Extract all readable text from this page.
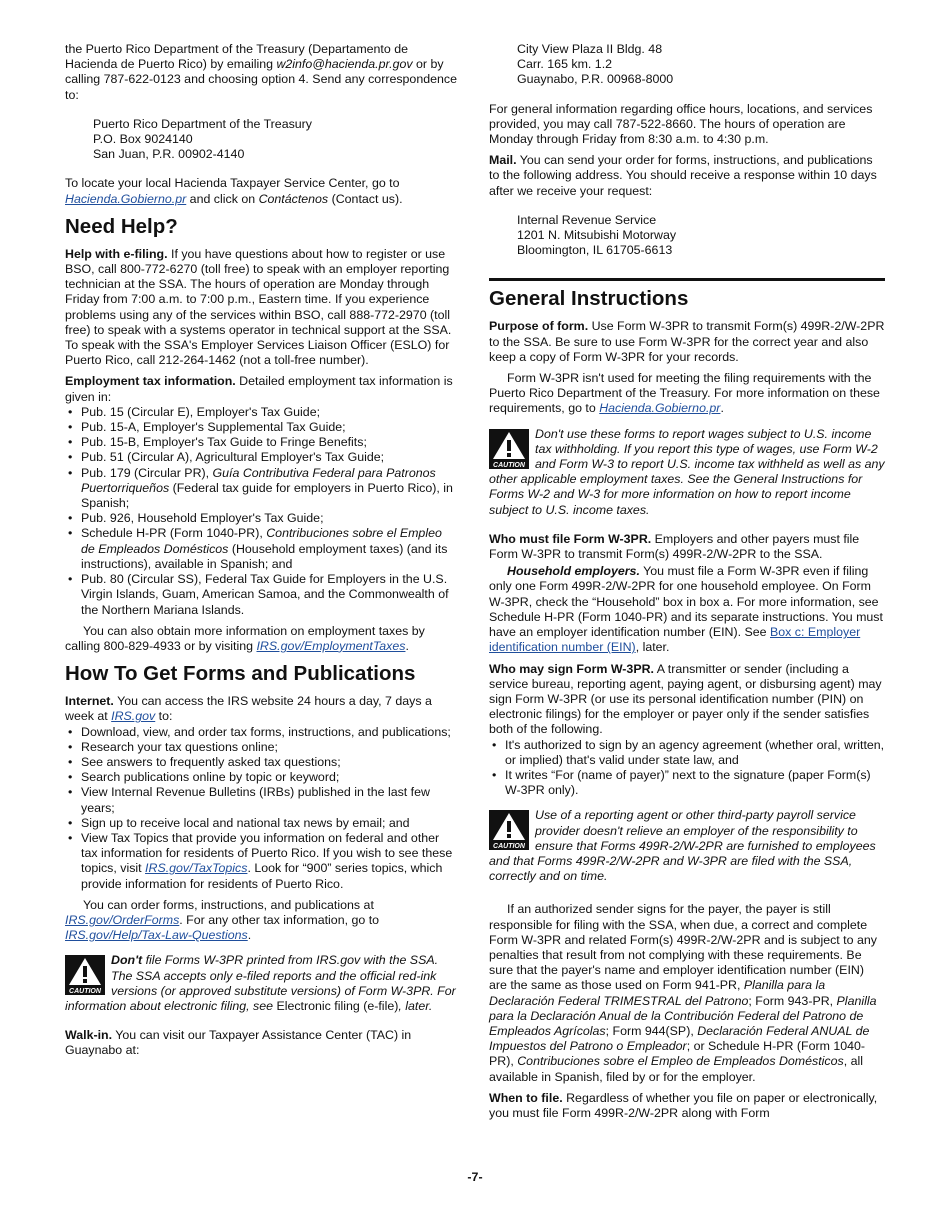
the Puerto Rico Department of the Treasury (Departamento de Hacienda de Puerto Rico) by emailing w2info@hacienda.pr.gov or by calling 787-622-0123 and choosing option 4. Send any correspondence to:

Puerto Rico Department of the Treasury
P.O. Box 9024140
San Juan, P.R. 00902-4140

To locate your local Hacienda Taxpayer Service Center, go to Hacienda.Gobierno.pr and click on Contáctenos (Contact us).

Need Help?

Help with e-filing. If you have questions about how to register or use BSO, call 800-772-6270 (toll free) to speak with an employer reporting technician at the SSA. The hours of operation are Monday through Friday from 7:00 a.m. to 7:00 p.m., Eastern time. If you experience problems using any of the services within BSO, call 888-772-2970 (toll free) to speak with a systems operator in technical support at the SSA. To speak with the SSA's Employer Services Liaison Officer (ESLO) for Puerto Rico, call 212-264-1462 (not a toll-free number).

Employment tax information. Detailed employment tax information is given in:

• Pub. 15 (Circular E), Employer's Tax Guide;

• Pub. 15-A, Employer's Supplemental Tax Guide;

• Pub. 15-B, Employer's Tax Guide to Fringe Benefits;

• Pub. 51 (Circular A), Agricultural Employer's Tax Guide;

• Pub. 179 (Circular PR), Guía Contributiva Federal para Patronos Puertorriqueños (Federal tax guide for employers in Puerto Rico), in Spanish;

• Pub. 926, Household Employer's Tax Guide;

• Schedule H-PR (Form 1040-PR), Contribuciones sobre el Empleo de Empleados Domésticos (Household employment taxes) (and its instructions), available in Spanish; and

• Pub. 80 (Circular SS), Federal Tax Guide for Employers in the U.S. Virgin Islands, Guam, American Samoa, and the Commonwealth of the Northern Mariana Islands.

You can also obtain more information on employment taxes by calling 800-829-4933 or by visiting IRS.gov/EmploymentTaxes.

How To Get Forms and Publications

Internet. You can access the IRS website 24 hours a day, 7 days a week at IRS.gov to:

• Download, view, and order tax forms, instructions, and publications;

• Research your tax questions online;

• See answers to frequently asked tax questions;

• Search publications online by topic or keyword;

• View Internal Revenue Bulletins (IRBs) published in the last few years;

• Sign up to receive local and national tax news by email; and

• View Tax Topics that provide you information on federal and other tax information for residents of Puerto Rico. If you wish to see these topics, visit IRS.gov/TaxTopics. Look for “900” series topics, which provide information for residents of Puerto Rico.

You can order forms, instructions, and publications at IRS.gov/OrderForms. For any other tax information, go to IRS.gov/Help/Tax-Law-Questions.

CAUTION
Don't file Forms W-3PR printed from IRS.gov with the SSA. The SSA accepts only e-filed reports and the official red-ink versions (or approved substitute versions) of Form W-3PR. For information about electronic filing, see Electronic filing (e-file), later.

Walk-in. You can visit our Taxpayer Assistance Center (TAC) in Guaynabo at:

City View Plaza II Bldg. 48
Carr. 165 km. 1.2
Guaynabo, P.R. 00968-8000

For general information regarding office hours, locations, and services provided, you may call 787-522-8660. The hours of operation are Monday through Friday from 8:30 a.m. to 4:30 p.m.

Mail. You can send your order for forms, instructions, and publications to the following address. You should receive a response within 10 days after we receive your request:

Internal Revenue Service
1201 N. Mitsubishi Motorway
Bloomington, IL 61705-6613
General Instructions

Purpose of form. Use Form W-3PR to transmit Form(s) 499R-2/W-2PR to the SSA. Be sure to use Form W-3PR for the correct year and also keep a copy of Form W-3PR for your records.

Form W-3PR isn't used for meeting the filing requirements with the Puerto Rico Department of the Treasury. For more information on these requirements, go to Hacienda.Gobierno.pr.

CAUTION
Don't use these forms to report wages subject to U.S. income tax withholding. If you report this type of wages, use Form W-2 and Form W-3 to report U.S. income tax withheld as well as any other applicable employment taxes. See the General Instructions for Forms W-2 and W-3 for more information on how to report income subject to U.S. income taxes.

Who must file Form W-3PR. Employers and other payers must file Form W-3PR to transmit Form(s) 499R-2/W-2PR to the SSA.

Household employers. You must file a Form W-3PR even if filing only one Form 499R-2/W-2PR for one household employee. On Form W-3PR, check the “Household” box in box a. For more information, see Schedule H-PR (Form 1040-PR) and its separate instructions. You must have an employer identification number (EIN). See Box c: Employer identification number (EIN), later.

Who may sign Form W-3PR. A transmitter or sender (including a service bureau, reporting agent, paying agent, or disbursing agent) may sign Form W-3PR (or use its personal identification number (PIN) on electronic filings) for the employer or payer only if the sender satisfies both of the following.

• It's authorized to sign by an agency agreement (whether oral, written, or implied) that's valid under state law, and

• It writes “For (name of payer)” next to the signature (paper Form(s) W-3PR only).

CAUTION
Use of a reporting agent or other third-party payroll service provider doesn't relieve an employer of the responsibility to ensure that Forms 499R-2/W-2PR are furnished to employees and that Forms 499R-2/W-2PR and W-3PR are filed with the SSA, correctly and on time.

If an authorized sender signs for the payer, the payer is still responsible for filing with the SSA, when due, a correct and complete Form W-3PR and related Form(s) 499R-2/W-2PR and is subject to any penalties that result from not complying with these requirements. Be sure that the payer's name and employer identification number (EIN) are the same as those used on Form 941-PR, Planilla para la Declaración Federal TRIMESTRAL del Patrono; Form 943-PR, Planilla para la Declaración Anual de la Contribución Federal del Patrono de Empleados Agrícolas; Form 944(SP), Declaración Federal ANUAL de Impuestos del Patrono o Empleador; or Schedule H-PR (Form 1040-PR), Contribuciones sobre el Empleo de Empleados Domésticos, all available in Spanish, filed by or for the employer.

When to file. Regardless of whether you file on paper or electronically, you must file Form 499R-2/W-2PR along with Form

-7-
